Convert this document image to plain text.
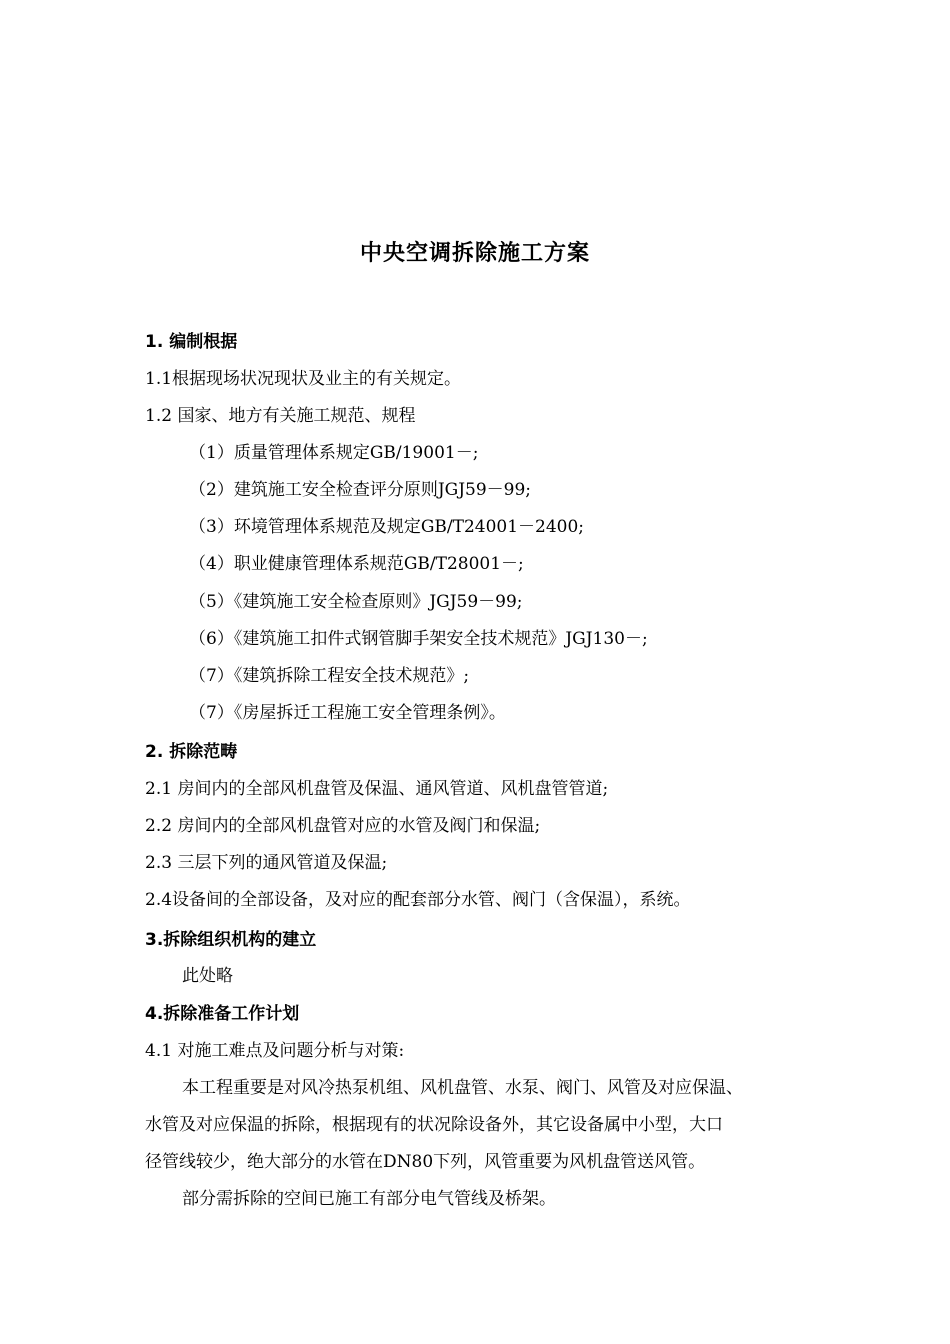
中央空调拆除施工方案
1. 编制根据
1.1根据现场状况现状及业主的有关规定。
1.2 国家、地方有关施工规范、规程
（1）质量管理体系规定GB/19001－;
（2）建筑施工安全检查评分原则JGJ59－99;
（3）环境管理体系规范及规定GB/T24001－2400;
（4）职业健康管理体系规范GB/T28001－;
（5）《建筑施工安全检查原则》JGJ59－99;
（6）《建筑施工扣件式钢管脚手架安全技术规范》JGJ130－;
（7）《建筑拆除工程安全技术规范》;
（7）《房屋拆迁工程施工安全管理条例》。
2. 拆除范畴
2.1 房间内的全部风机盘管及保温、通风管道、风机盘管管道;
2.2 房间内的全部风机盘管对应的水管及阀门和保温;
2.3 三层下列的通风管道及保温;
2.4设备间的全部设备，及对应的配套部分水管、阀门（含保温），系统。
3.拆除组织机构的建立
此处略
4.拆除准备工作计划
4.1 对施工难点及问题分析与对策:
本工程重要是对风冷热泵机组、风机盘管、水泵、阀门、风管及对应保温、
水管及对应保温的拆除，根据现有的状况除设备外，其它设备属中小型，大口
径管线较少，绝大部分的水管在DN80下列，风管重要为风机盘管送风管。
部分需拆除的空间已施工有部分电气管线及桥架。
